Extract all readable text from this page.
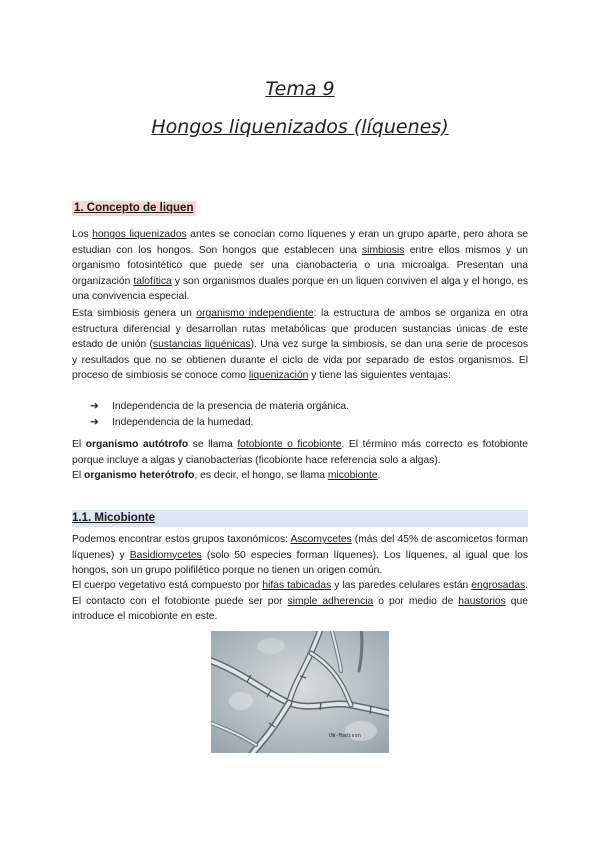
Tema 9
Hongos liquenizados (líquenes)
1. Concepto de liquen

Los hongos liquenizados antes se conocían como líquenes y eran un grupo aparte, pero ahora se estudian con los hongos. Son hongos que establecen una simbiosis entre ellos mismos y un organismo fotosintético que puede ser una cianobacteria o una microalga. Presentan una organización talofítica y son organismos duales porque en un liquen conviven el alga y el hongo, es una convivencia especial.

Esta simbiosis genera un organismo independiente: la estructura de ambos se organiza en otra estructura diferencial y desarrollan rutas metabólicas que producen sustancias únicas de este estado de unión (sustancias liquénicas). Una vez surge la simbiosis, se dan una serie de procesos y resultados que no se obtienen durante el ciclo de vida por separado de estos organismos. El proceso de simbiosis se conoce como liquenización y tiene las siguientes ventajas:

➔ Independencia de la presencia de materia orgánica.
➔ Independencia de la humedad.

El organismo autótrofo se llama fotobionte o ficobionte. El término más correcto es fotobionte porque incluye a algas y cianobacterias (ficobionte hace referencia solo a algas).

El organismo heterótrofo, es decir, el hongo, se llama micobionte.

1.1. Micobionte

Podemos encontrar estos grupos taxonómicos: Ascomycetes (más del 45% de ascomicetos forman líquenes) y Basidiomycetes (solo 50 especies forman líquenes). Los líquenes, al igual que los hongos, son un grupo polifilético porque no tienen un origen común.

El cuerpo vegetativo está compuesto por hifas tabicadas y las paredes celulares están engrosadas. El contacto con el fotobionte puede ser por simple adherencia o por medio de haustorios que introduce el micobionte en este.

UW-Madison
